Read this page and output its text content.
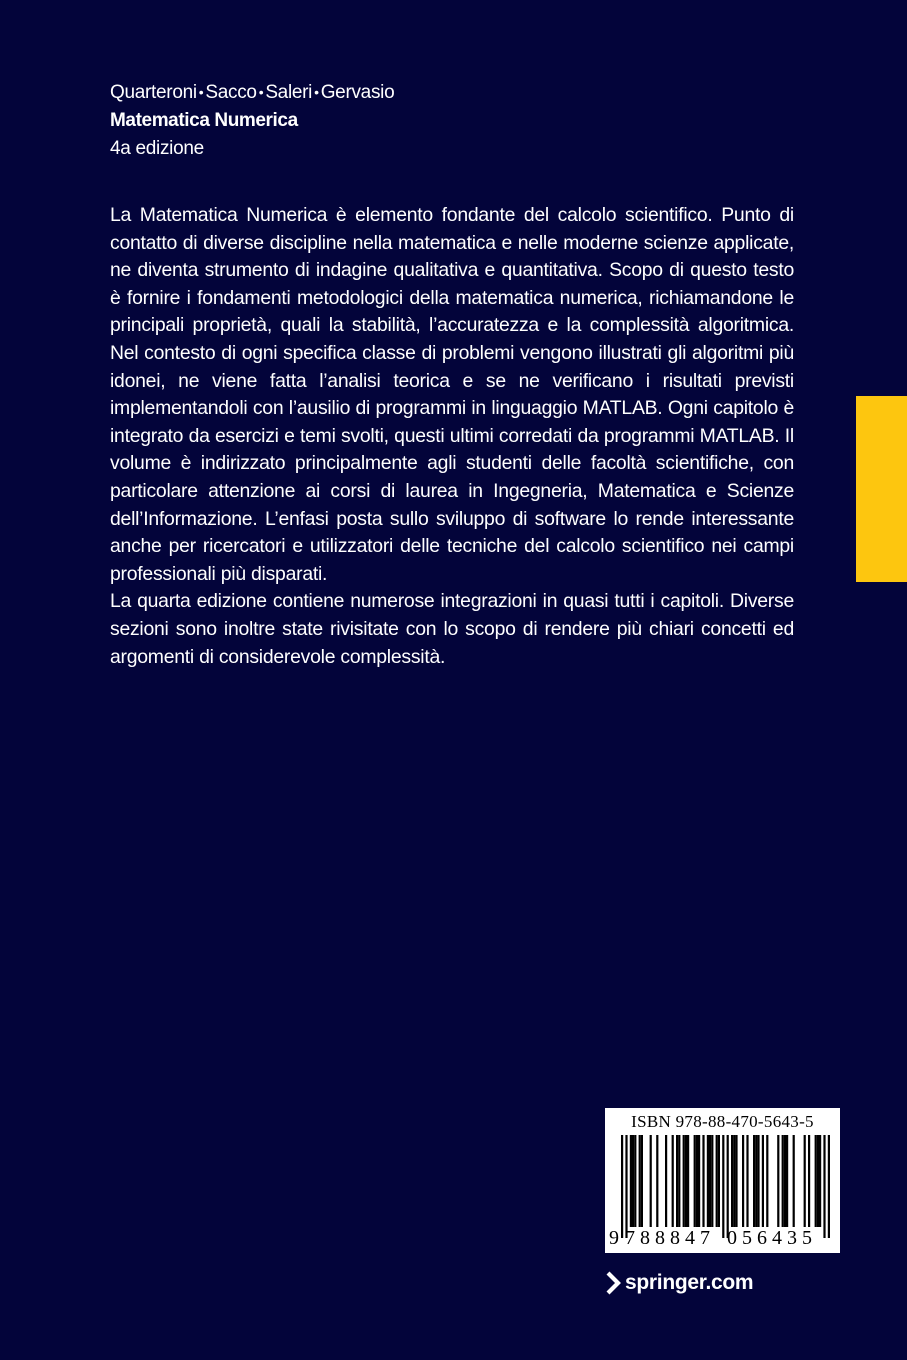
Quarteroni • Sacco • Saleri • Gervasio
Matematica Numerica
4a edizione

La Matematica Numerica è elemento fondante del calcolo scientifico. Punto di contatto di diverse discipline nella matematica e nelle moderne scienze applicate, ne diventa strumento di indagine qualitativa e quantitativa. Scopo di questo testo è fornire i fondamenti metodologici della matematica numerica, richiamandone le principali proprietà, quali la stabilità, l’accuratezza e la complessità algoritmica. Nel contesto di ogni specifica classe di problemi vengono illustrati gli algoritmi più idonei, ne viene fatta l’analisi teorica e se ne verificano i risultati previsti implementandoli con l’ausilio di programmi in linguaggio MATLAB. Ogni capitolo è integrato da esercizi e temi svolti, questi ultimi corredati da programmi MATLAB. Il volume è indirizzato principalmente agli studenti delle facoltà scientifiche, con particolare attenzione ai corsi di laurea in Ingegneria, Matematica e Scienze dell’Informazione. L’enfasi posta sullo sviluppo di software lo rende interessante anche per ricercatori e utilizzatori delle tecniche del calcolo scientifico nei campi professionali più disparati.

La quarta edizione contiene numerose integrazioni in quasi tutti i capitoli. Diverse sezioni sono inoltre state rivisitate con lo scopo di rendere più chiari concetti ed argomenti di considerevole complessità.

ISBN 978-88-470-5643-5
9 788847 056435
springer.com
